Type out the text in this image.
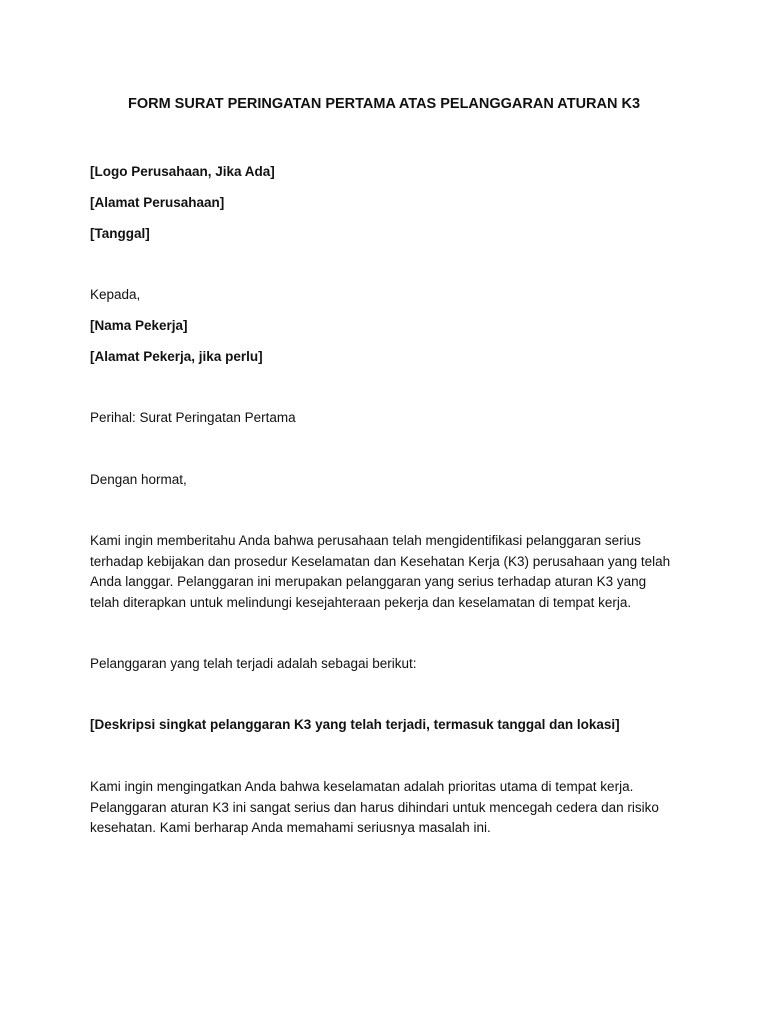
FORM SURAT PERINGATAN PERTAMA ATAS PELANGGARAN ATURAN K3
[Logo Perusahaan, Jika Ada]
[Alamat Perusahaan]
[Tanggal]
Kepada,
[Nama Pekerja]
[Alamat Pekerja, jika perlu]
Perihal: Surat Peringatan Pertama
Dengan hormat,
Kami ingin memberitahu Anda bahwa perusahaan telah mengidentifikasi pelanggaran serius
terhadap kebijakan dan prosedur Keselamatan dan Kesehatan Kerja (K3) perusahaan yang telah
Anda langgar. Pelanggaran ini merupakan pelanggaran yang serius terhadap aturan K3 yang
telah diterapkan untuk melindungi kesejahteraan pekerja dan keselamatan di tempat kerja.
Pelanggaran yang telah terjadi adalah sebagai berikut:
[Deskripsi singkat pelanggaran K3 yang telah terjadi, termasuk tanggal dan lokasi]
Kami ingin mengingatkan Anda bahwa keselamatan adalah prioritas utama di tempat kerja.
Pelanggaran aturan K3 ini sangat serius dan harus dihindari untuk mencegah cedera dan risiko
kesehatan. Kami berharap Anda memahami seriusnya masalah ini.
